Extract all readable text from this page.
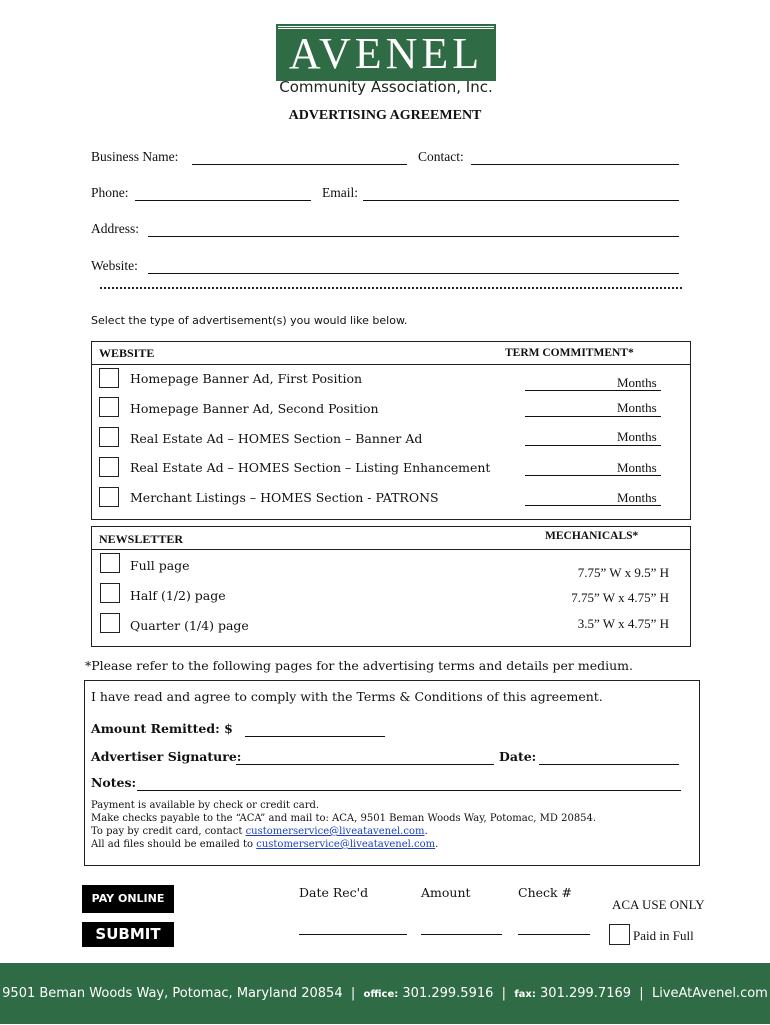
AVENEL
Community Association, Inc.
ADVERTISING AGREEMENT
Business Name:	Contact:
Phone:	Email:
Address:
Website:
Select the type of advertisement(s) you would like below.
WEBSITE	TERM COMMITMENT*
Homepage Banner Ad, First Position	Months
Homepage Banner Ad, Second Position	Months
Real Estate Ad – HOMES Section – Banner Ad	Months
Real Estate Ad – HOMES Section – Listing Enhancement	Months
Merchant Listings – HOMES Section - PATRONS	Months
NEWSLETTER	MECHANICALS*
Full page	7.75” W x 9.5” H
Half (1/2) page	7.75” W x 4.75” H
Quarter (1/4) page	3.5” W x 4.75” H
*Please refer to the following pages for the advertising terms and details per medium.
I have read and agree to comply with the Terms & Conditions of this agreement.
Amount Remitted: $
Advertiser Signature:	Date:
Notes:
Payment is available by check or credit card.
Make checks payable to the “ACA” and mail to: ACA, 9501 Beman Woods Way, Potomac, MD 20854.
To pay by credit card, contact customerservice@liveatavenel.com.
All ad files should be emailed to customerservice@liveatavenel.com.
PAY ONLINE
SUBMIT
Date Rec'd	Amount	Check #
ACA USE ONLY
Paid in Full
9501 Beman Woods Way, Potomac, Maryland 20854  |  office: 301.299.5916  |  fax: 301.299.7169  |  LiveAtAvenel.com
